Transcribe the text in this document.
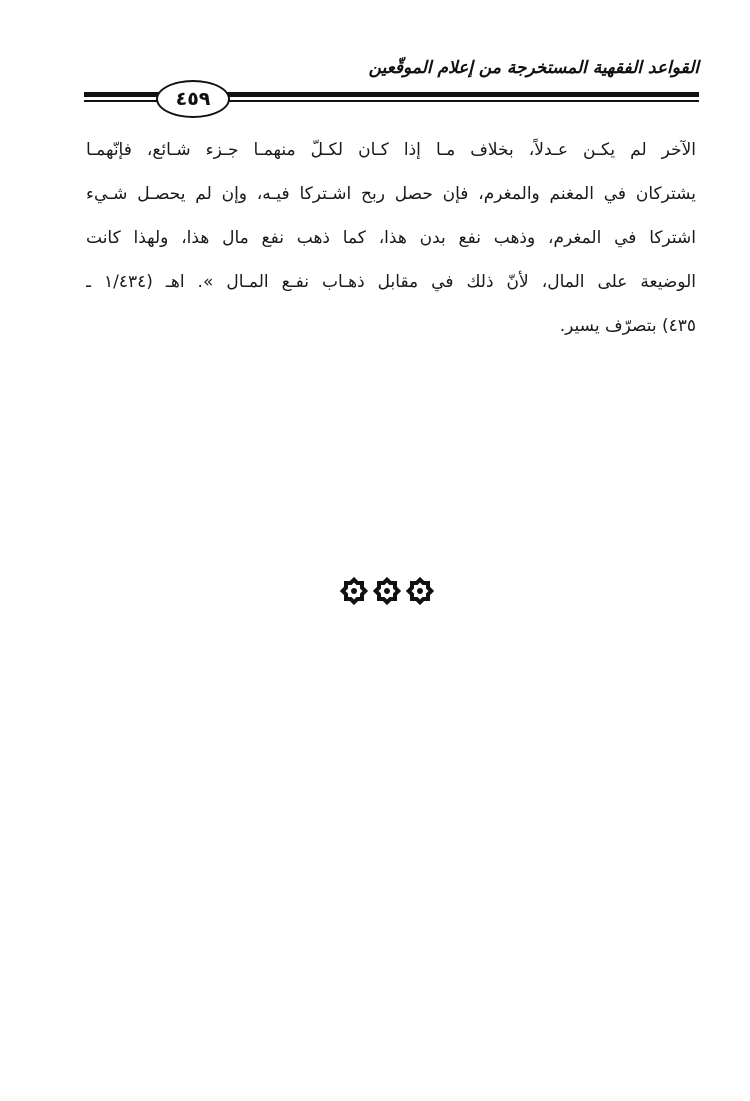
القواعد الفقهية المستخرجة من إعلام الموقّعين
٤٥٩
الآخر لم يكـن عـدلاً، بخلاف مـا إذا كـان لكـلّ منهمـا جـزء شـائع، فإنّهمـا
يشتركان في المغنم والمغرم، فإن حصل ربح اشـتركا فيـه، وإن لم يحصـل شـيء
اشتركا في المغرم، وذهب نفع بدن هذا، كما ذهب نفع مال هذا، ولهذا كانت
الوضيعة على المال، لأنّ ذلك في مقابل ذهـاب نفـع المـال ». اهـ (١/٤٣٤ ـ
٤٣٥) بتصرّف يسير.
